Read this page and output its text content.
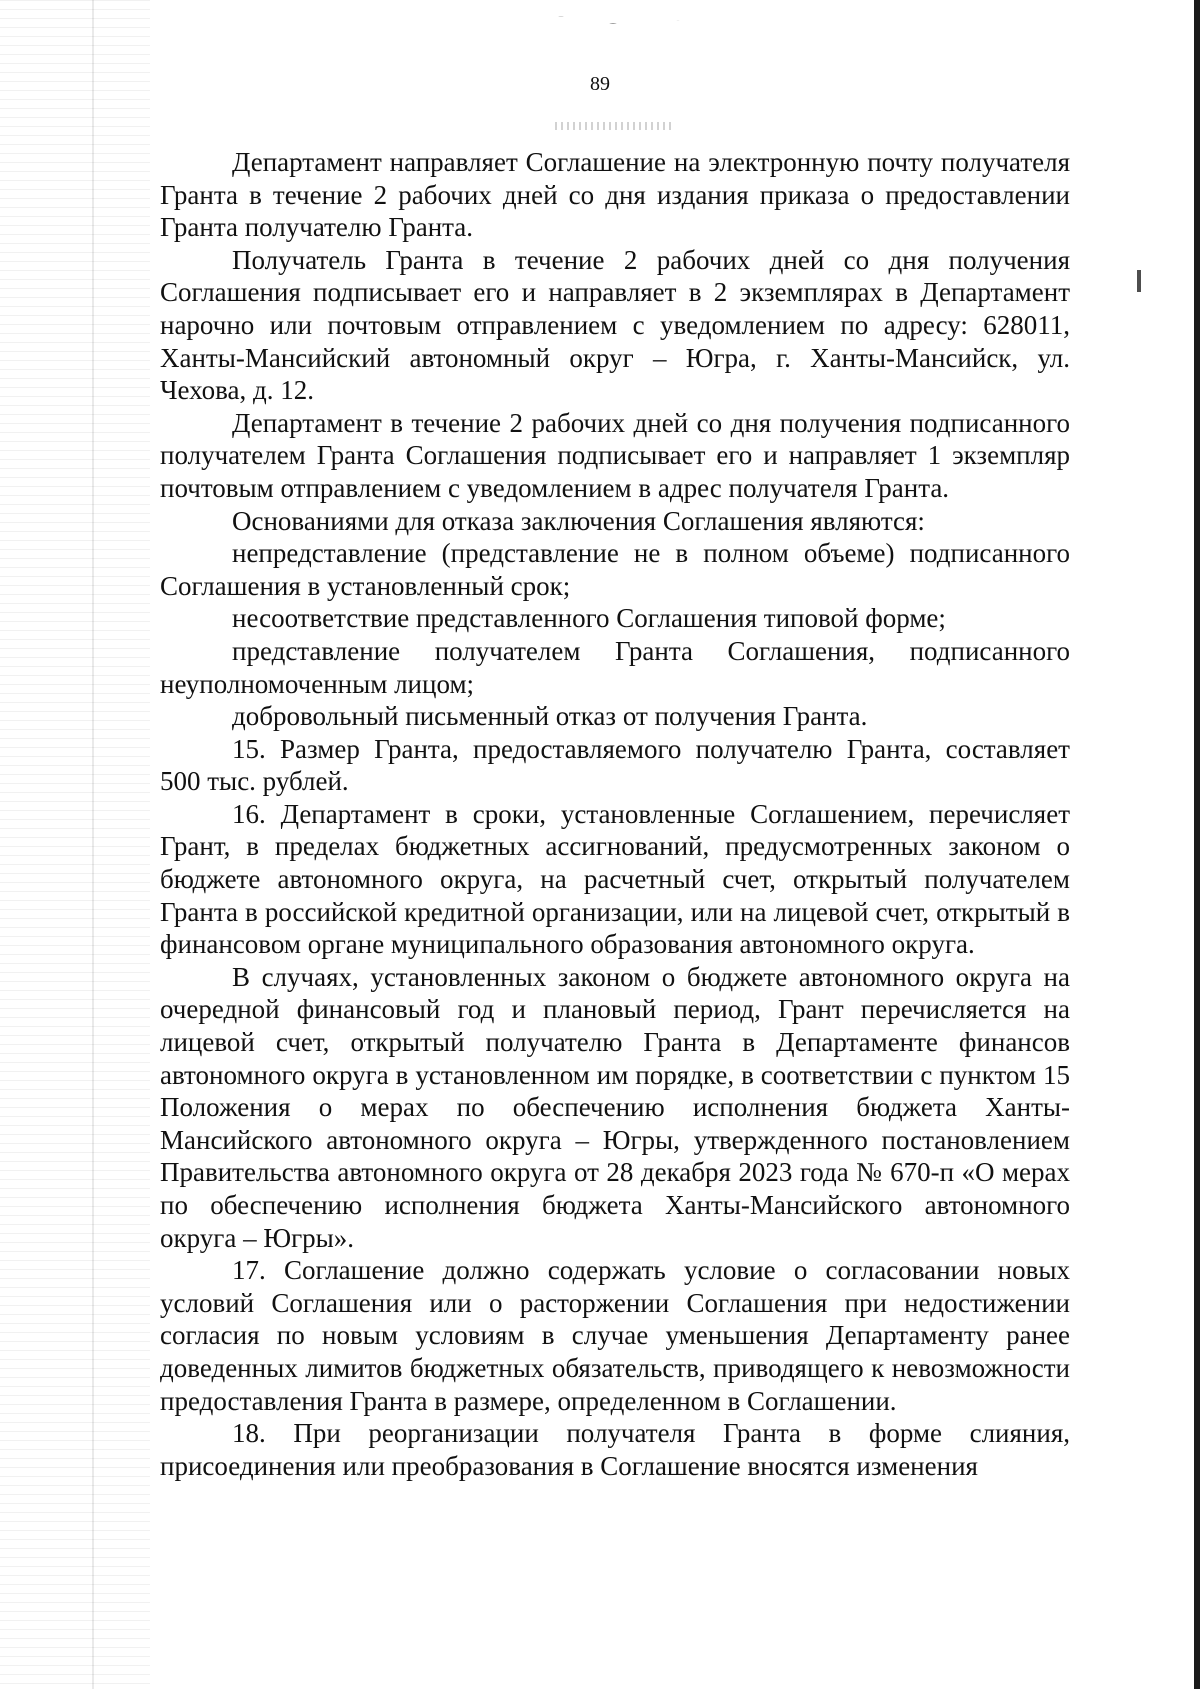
89

Департамент направляет Соглашение на электронную почту получателя Гранта в течение 2 рабочих дней со дня издания приказа о предоставлении Гранта получателю Гранта.

Получатель Гранта в течение 2 рабочих дней со дня получения Соглашения подписывает его и направляет в 2 экземплярах в Департамент нарочно или почтовым отправлением с уведомлением по адресу: 628011, Ханты-Мансийский автономный округ – Югра, г. Ханты-Мансийск, ул. Чехова, д. 12.

Департамент в течение 2 рабочих дней со дня получения подписанного получателем Гранта Соглашения подписывает его и направляет 1 экземпляр почтовым отправлением с уведомлением в адрес получателя Гранта.

Основаниями для отказа заключения Соглашения являются:

непредставление (представление не в полном объеме) подписанного Соглашения в установленный срок;

несоответствие представленного Соглашения типовой форме;

представление получателем Гранта Соглашения, подписанного неуполномоченным лицом;

добровольный письменный отказ от получения Гранта.

15. Размер Гранта, предоставляемого получателю Гранта, составляет 500 тыс. рублей.

16. Департамент в сроки, установленные Соглашением, перечисляет Грант, в пределах бюджетных ассигнований, предусмотренных законом о бюджете автономного округа, на расчетный счет, открытый получателем Гранта в российской кредитной организации, или на лицевой счет, открытый в финансовом органе муниципального образования автономного округа.

В случаях, установленных законом о бюджете автономного округа на очередной финансовый год и плановый период, Грант перечисляется на лицевой счет, открытый получателю Гранта в Департаменте финансов автономного округа в установленном им порядке, в соответствии с пунктом 15 Положения о мерах по обеспечению исполнения бюджета Ханты-Мансийского автономного округа – Югры, утвержденного постановлением Правительства автономного округа от 28 декабря 2023 года № 670-п «О мерах по обеспечению исполнения бюджета Ханты-Мансийского автономного округа – Югры».

17. Соглашение должно содержать условие о согласовании новых условий Соглашения или о расторжении Соглашения при недостижении согласия по новым условиям в случае уменьшения Департаменту ранее доведенных лимитов бюджетных обязательств, приводящего к невозможности предоставления Гранта в размере, определенном в Соглашении.

18. При реорганизации получателя Гранта в форме слияния, присоединения или преобразования в Соглашение вносятся изменения
